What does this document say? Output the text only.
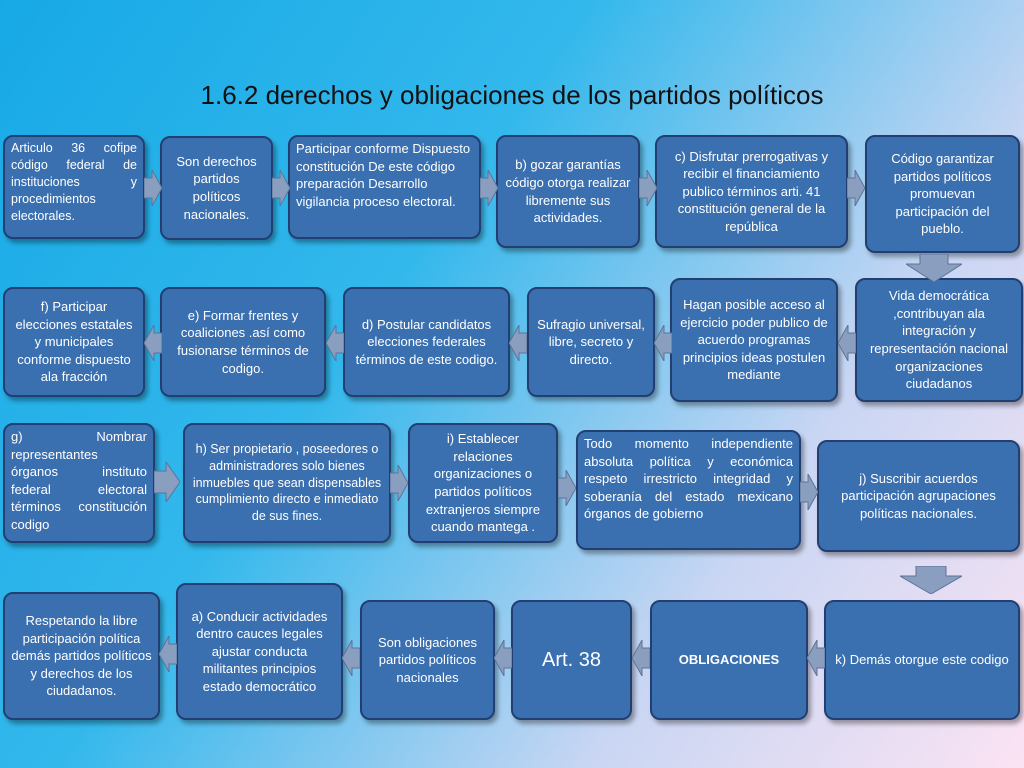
1.6.2 derechos y obligaciones de los partidos políticos
Articulo 36 cofipe código federal de instituciones y procedimientos electorales.
Son derechos partidos políticos nacionales.
Participar conforme Dispuesto constitución De este código preparación Desarrollo vigilancia proceso electoral.
b) gozar garantías código otorga realizar libremente sus actividades.
c) Disfrutar prerrogativas y recibir el financiamiento publico términos arti. 41 constitución general de la república
Código garantizar partidos políticos promuevan participación del pueblo.
f) Participar elecciones estatales y municipales conforme dispuesto ala fracción
e) Formar frentes y coaliciones .así como fusionarse términos de codigo.
d) Postular candidatos elecciones federales términos de este codigo.
Sufragio universal, libre, secreto y directo.
Hagan posible acceso al ejercicio poder publico de acuerdo programas principios ideas postulen mediante
Vida democrática ,contribuyan ala integración y representación nacional organizaciones ciudadanos
g) Nombrar representantes órganos instituto federal electoral términos constitución codigo
h) Ser propietario , poseedores o administradores solo bienes inmuebles que sean dispensables cumplimiento directo e inmediato de sus fines.
i) Establecer relaciones organizaciones o partidos políticos extranjeros siempre cuando mantega .
Todo momento independiente absoluta política y económica respeto irrestricto integridad y soberanía del estado mexicano órganos de gobierno
j) Suscribir acuerdos participación agrupaciones políticas nacionales.
Respetando la libre participación política demás partidos políticos y derechos de los ciudadanos.
a) Conducir actividades dentro cauces legales ajustar conducta militantes principios estado democrático
Son obligaciones partidos políticos nacionales
Art. 38	OBLIGACIONES	k) Demás otorgue este codigo
